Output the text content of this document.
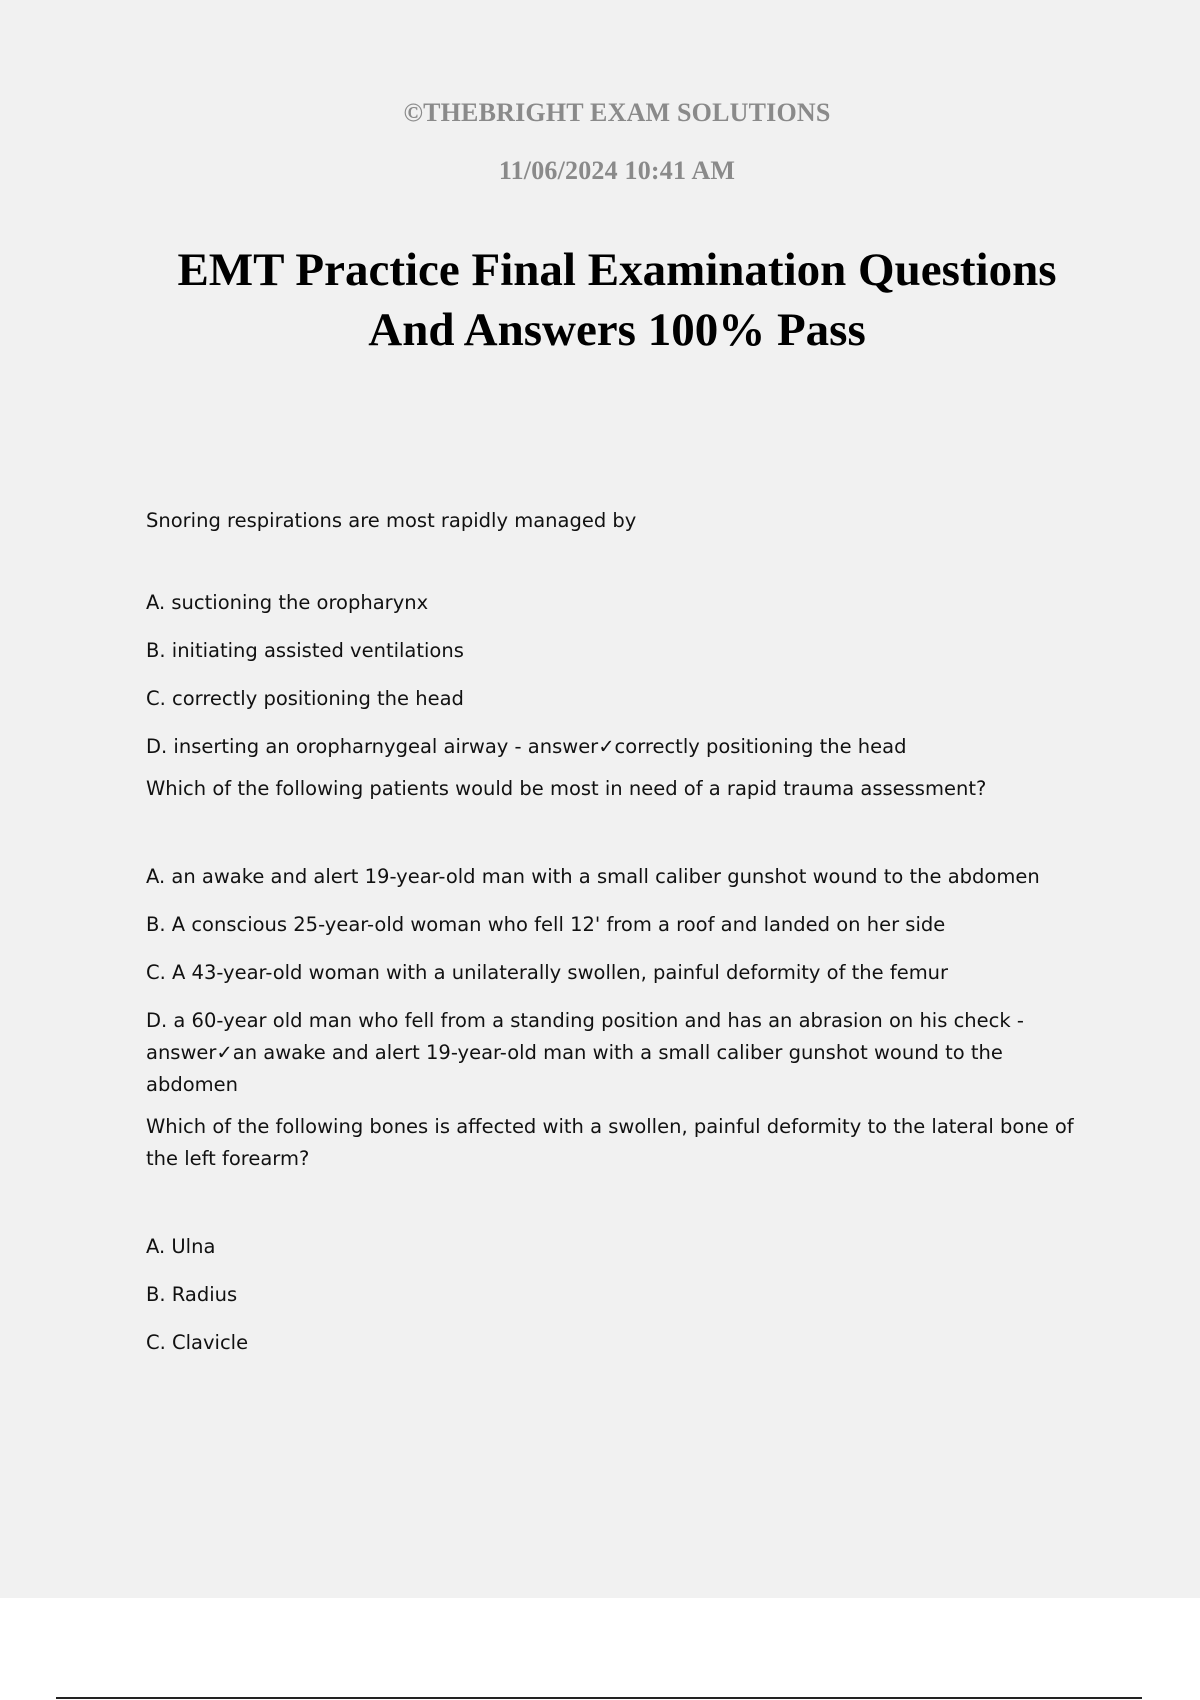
©THEBRIGHT EXAM SOLUTIONS
11/06/2024 10:41 AM
EMT Practice Final Examination Questions
And Answers 100% Pass

Snoring respirations are most rapidly managed by

A. suctioning the oropharynx

B. initiating assisted ventilations

C. correctly positioning the head

D. inserting an oropharnygeal airway - answer✓correctly positioning the head

Which of the following patients would be most in need of a rapid trauma assessment?

A. an awake and alert 19-year-old man with a small caliber gunshot wound to the abdomen

B. A conscious 25-year-old woman who fell 12' from a roof and landed on her side

C. A 43-year-old woman with a unilaterally swollen, painful deformity of the femur

D. a 60-year old man who fell from a standing position and has an abrasion on his check - answer✓an awake and alert 19-year-old man with a small caliber gunshot wound to the abdomen

Which of the following bones is affected with a swollen, painful deformity to the lateral bone of the left forearm?

A. Ulna

B. Radius

C. Clavicle
